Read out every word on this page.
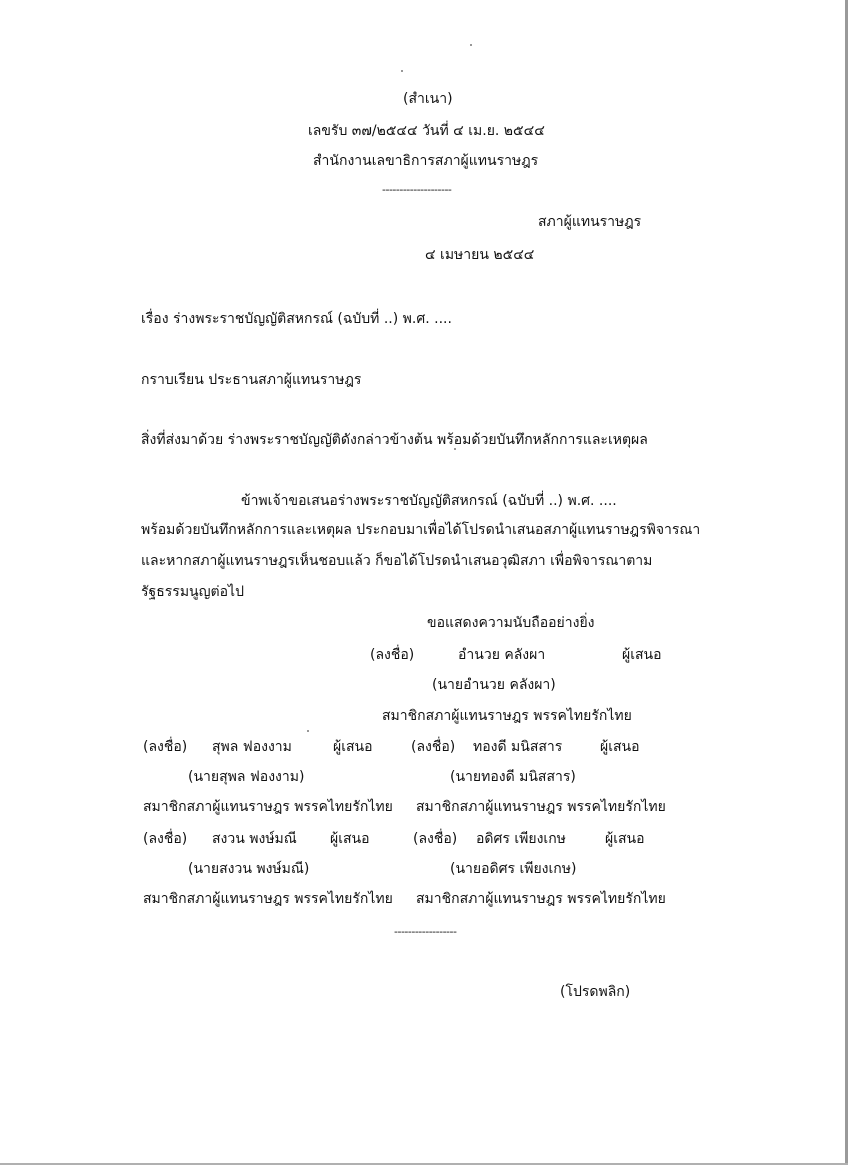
(สำเนา)
เลขรับ ๓๗/๒๕๔๔ วันที่ ๔ เม.ย. ๒๕๔๔
สำนักงานเลขาธิการสภาผู้แทนราษฎร
--------------------
สภาผู้แทนราษฎร
๔ เมษายน ๒๕๔๔
เรื่อง ร่างพระราชบัญญัติสหกรณ์ (ฉบับที่ ..) พ.ศ. ....
กราบเรียน ประธานสภาผู้แทนราษฎร
สิ่งที่ส่งมาด้วย ร่างพระราชบัญญัติดังกล่าวข้างต้น พร้อมด้วยบันทึกหลักการและเหตุผล
ข้าพเจ้าขอเสนอร่างพระราชบัญญัติสหกรณ์ (ฉบับที่ ..) พ.ศ. ....
พร้อมด้วยบันทึกหลักการและเหตุผล ประกอบมาเพื่อได้โปรดนำเสนอสภาผู้แทนราษฎรพิจารณา
และหากสภาผู้แทนราษฎรเห็นชอบแล้ว ก็ขอได้โปรดนำเสนอวุฒิสภา เพื่อพิจารณาตาม
รัฐธรรมนูญต่อไป
ขอแสดงความนับถืออย่างยิ่ง
(ลงชื่อ)	อำนวย คลังผา	ผู้เสนอ
(นายอำนวย คลังผา)
สมาชิกสภาผู้แทนราษฎร พรรคไทยรักไทย
(ลงชื่อ) สุพล ฟองงาม	ผู้เสนอ	(ลงชื่อ) ทองดี มนิสสาร	ผู้เสนอ
(นายสุพล ฟองงาม)	(นายทองดี มนิสสาร)
สมาชิกสภาผู้แทนราษฎร พรรคไทยรักไทย สมาชิกสภาผู้แทนราษฎร พรรคไทยรักไทย
(ลงชื่อ) สงวน พงษ์มณี ผู้เสนอ	(ลงชื่อ) อดิศร เพียงเกษ	ผู้เสนอ
(นายสงวน พงษ์มณี)	(นายอดิศร เพียงเกษ)
สมาชิกสภาผู้แทนราษฎร พรรคไทยรักไทย สมาชิกสภาผู้แทนราษฎร พรรคไทยรักไทย
------------------
(โปรดพลิก)
